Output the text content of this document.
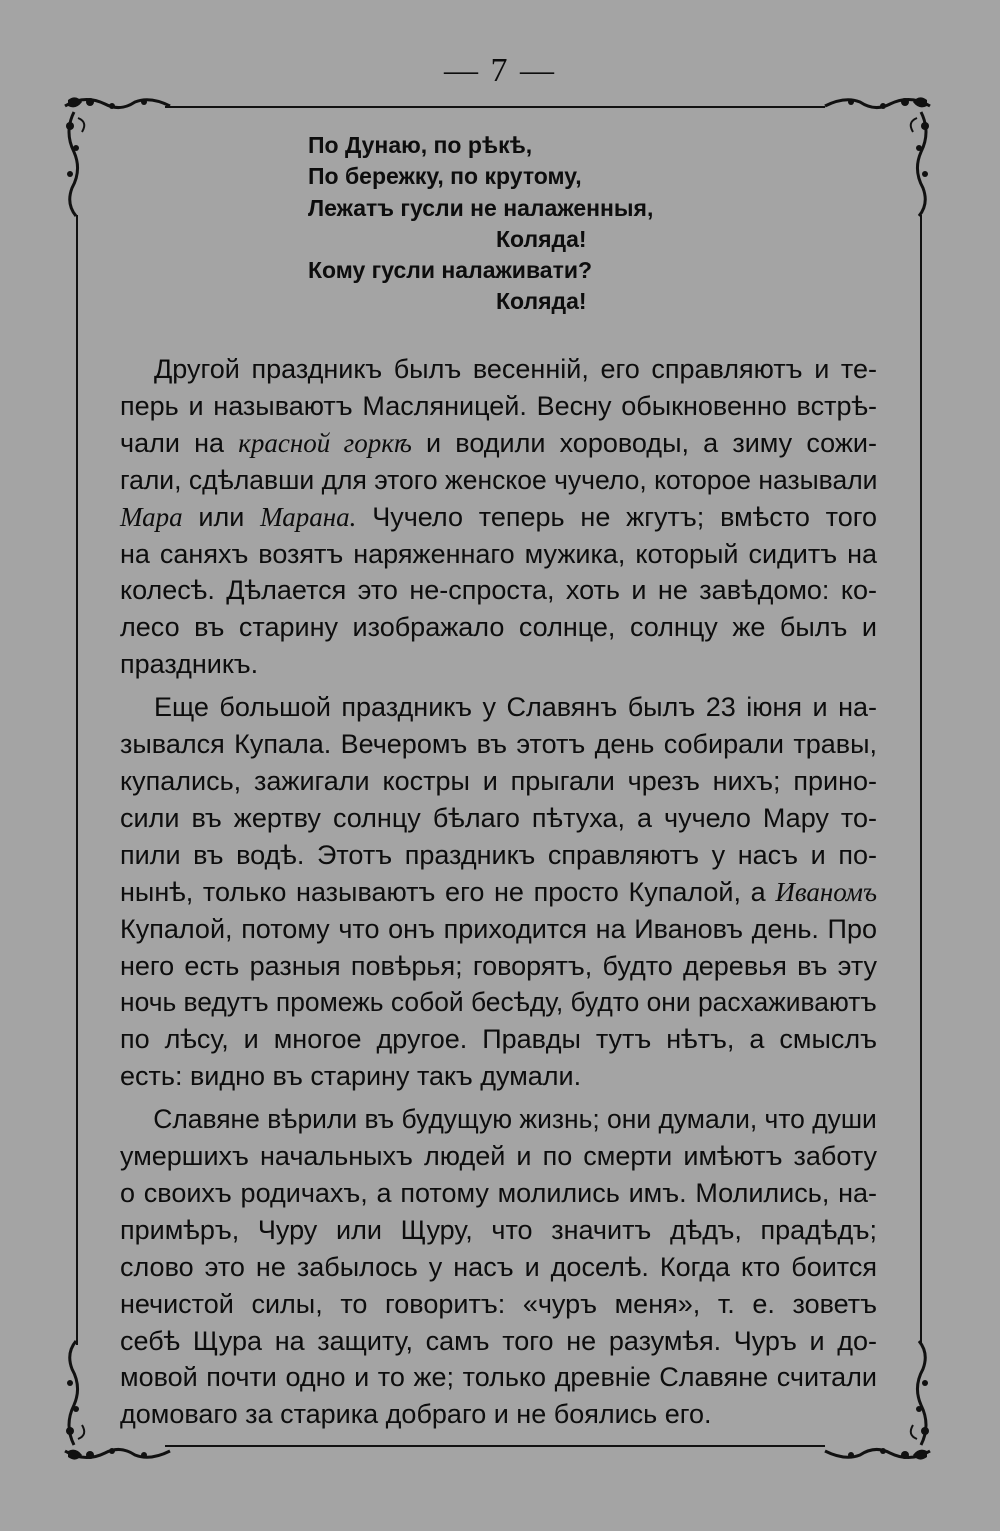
— 7 —
По Дунаю, по рѣкѣ,
По бережку, по крутому,
Лежатъ гусли не налаженныя,
Коляда!
Кому гусли налаживати?
Коляда!
Другой праздникъ былъ весенній, его справляютъ и те-
перь и называютъ Масляницей. Весну обыкновенно встрѣ-
чали на красной горкѣ и водили хороводы, а зиму сожи-
гали, сдѣлавши для этого женское чучело, которое называли
Мара или Марана. Чучело теперь не жгутъ; вмѣсто того
на саняхъ возятъ наряженнаго мужика, который сидитъ на
колесѣ. Дѣлается это не-спроста, хоть и не завѣдомо: ко-
лесо въ старину изображало солнце, солнцу же былъ и
праздникъ.
Еще большой праздникъ у Славянъ былъ 23 іюня и на-
зывался Купала. Вечеромъ въ этотъ день собирали травы,
купались, зажигали костры и прыгали чрезъ нихъ; прино-
сили въ жертву солнцу бѣлаго пѣтуха, а чучело Мару то-
пили въ водѣ. Этотъ праздникъ справляютъ у насъ и по-
нынѣ, только называютъ его не просто Купалой, а Иваномъ
Купалой, потому что онъ приходится на Ивановъ день. Про
него есть разныя повѣрья; говорятъ, будто деревья въ эту
ночь ведутъ промежь собой бесѣду, будто они расхаживаютъ
по лѣсу, и многое другое. Правды тутъ нѣтъ, а смыслъ
есть: видно въ старину такъ думали.
Славяне вѣрили въ будущую жизнь; они думали, что души
умершихъ начальныхъ людей и по смерти имѣютъ заботу
о своихъ родичахъ, а потому молились имъ. Молились, на-
примѣръ, Чуру или Щуру, что значитъ дѣдъ, прадѣдъ;
слово это не забылось у насъ и доселѣ. Когда кто боится
нечистой силы, то говоритъ: «чуръ меня», т. е. зоветъ
себѣ Щура на защиту, самъ того не разумѣя. Чуръ и до-
мовой почти одно и то же; только древніе Славяне считали
домоваго за старика добраго и не боялись его.
